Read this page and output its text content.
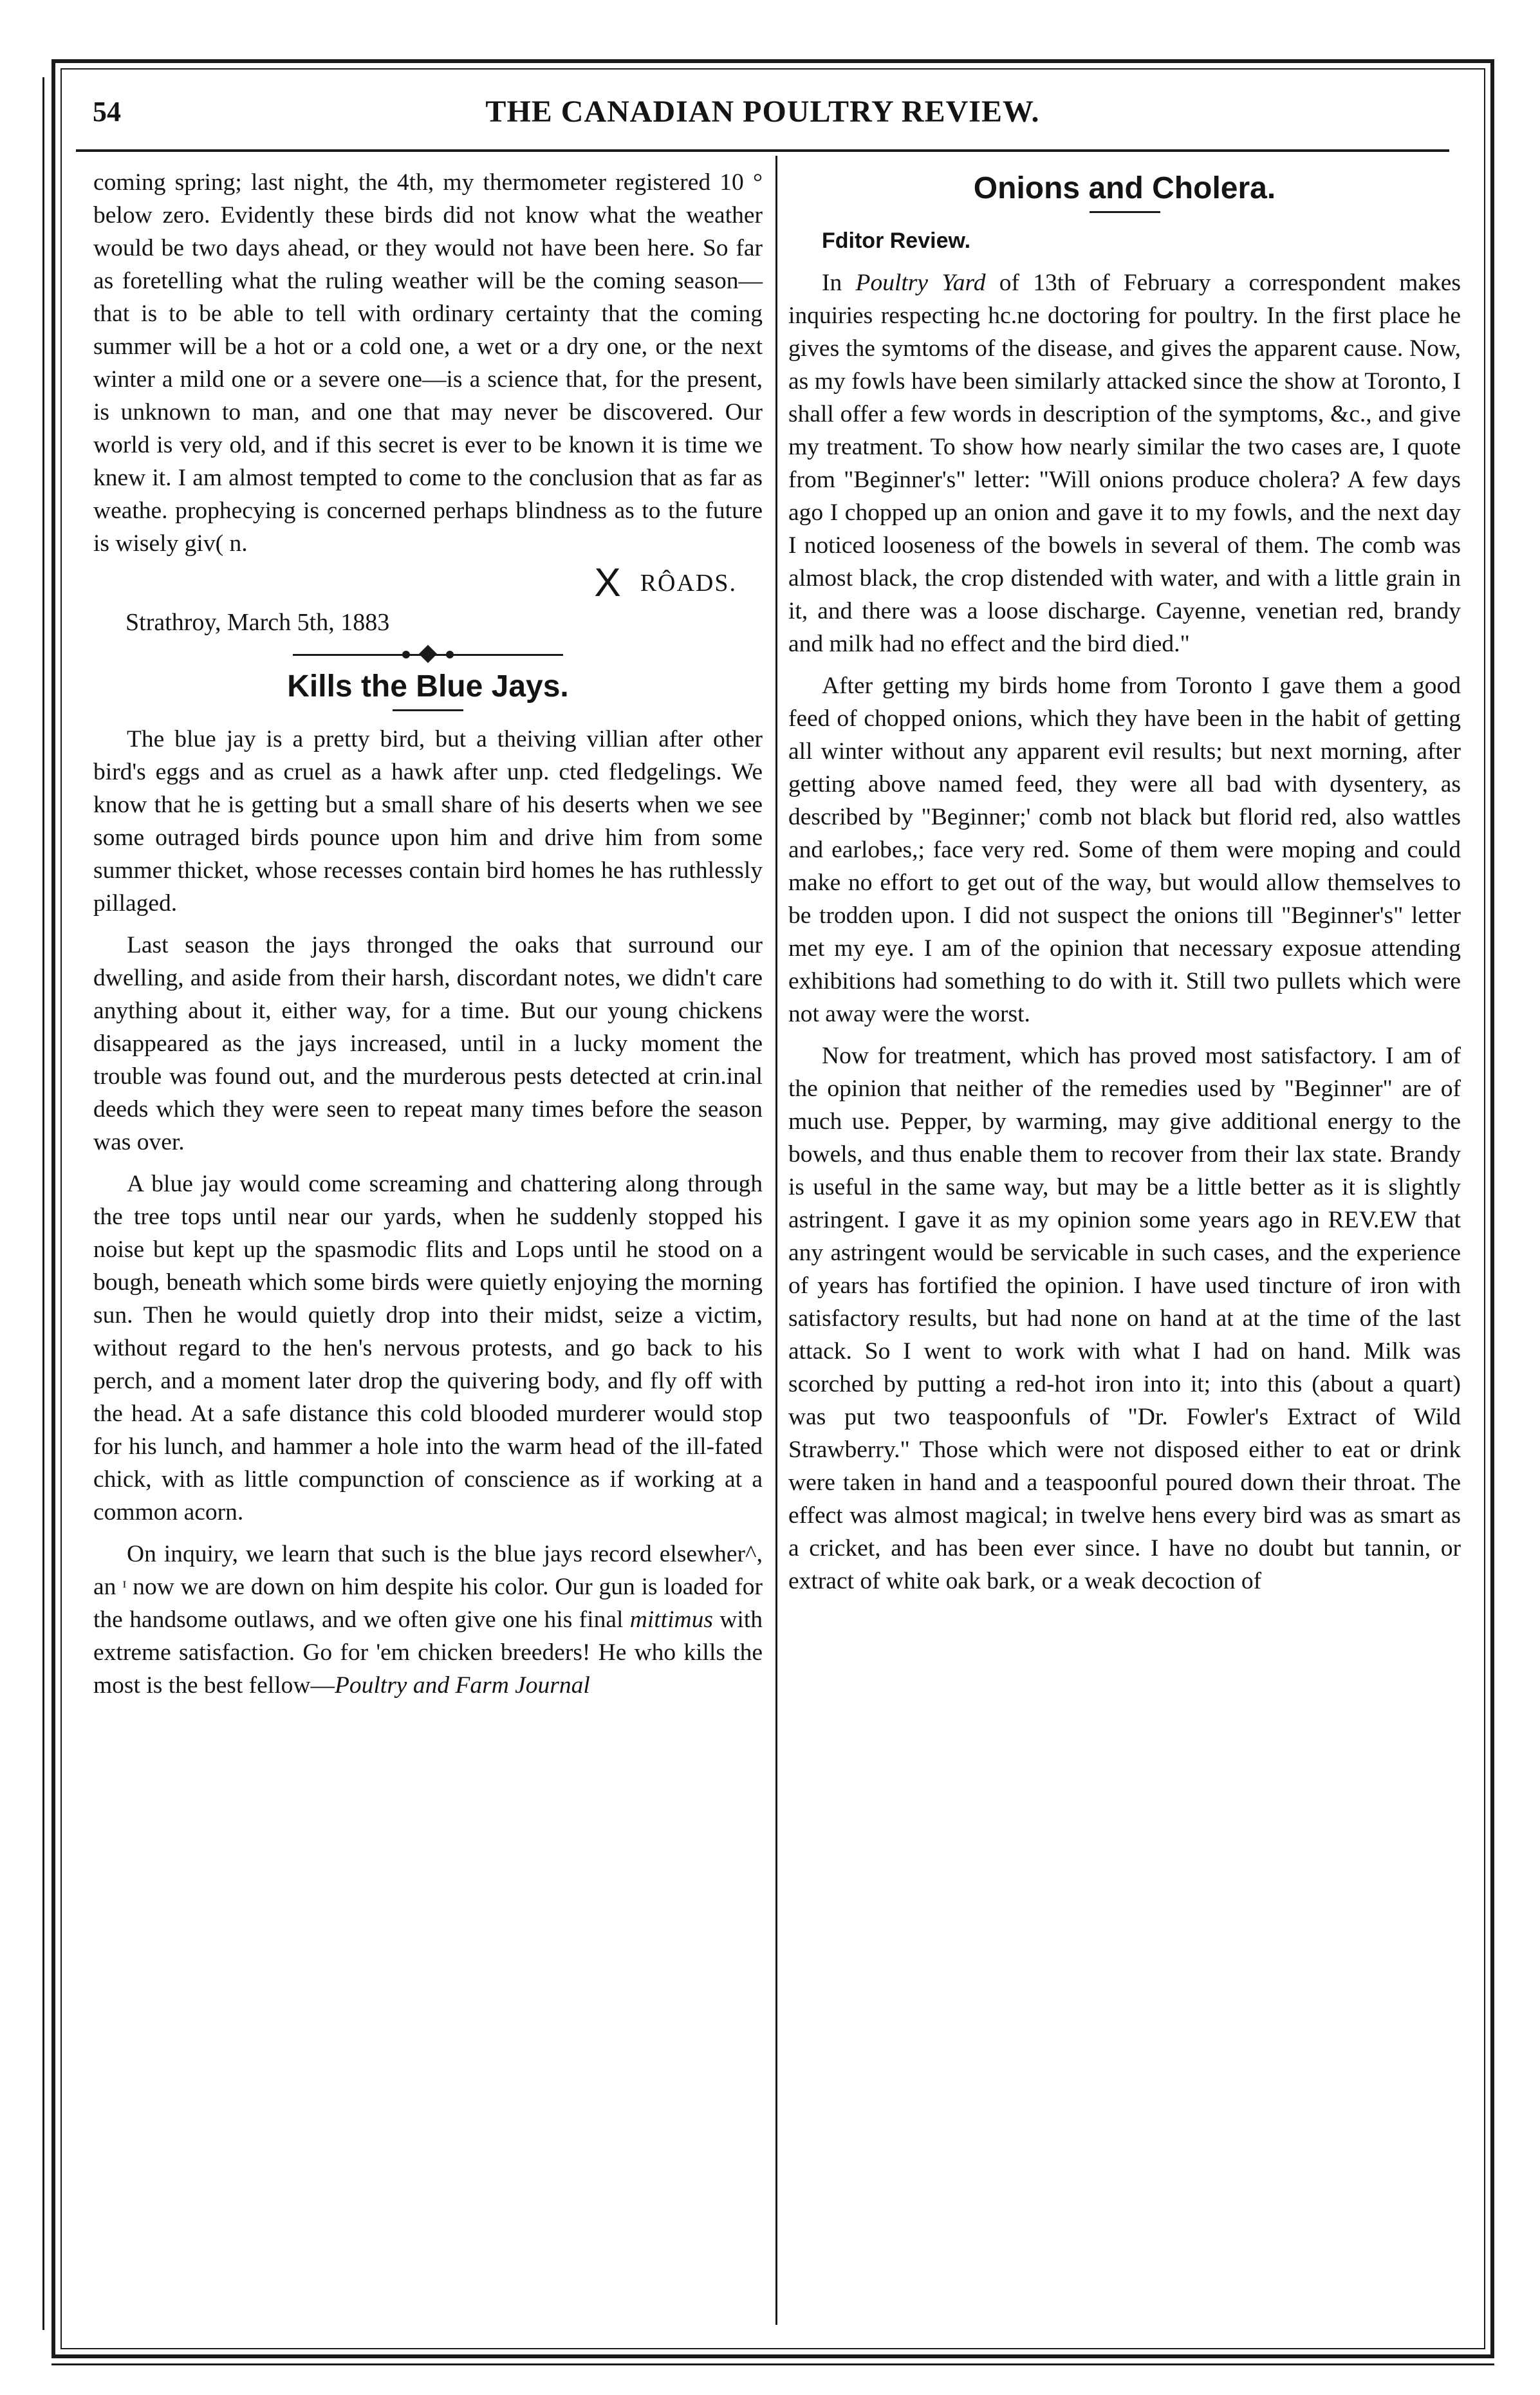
54	THE CANADIAN POULTRY REVIEW.

coming spring; last night, the 4th, my thermometer registered 10 ° below zero. Evidently these birds did not know what the weather would be two days ahead, or they would not have been here. So far as foretelling what the ruling weather will be the coming season—that is to be able to tell with ordinary certainty that the coming summer will be a hot or a cold one, a wet or a dry one, or the next winter a mild one or a severe one—is a science that, for the present, is unknown to man, and one that may never be discovered. Our world is very old, and if this secret is ever to be known it is time we knew it. I am almost tempted to come to the conclusion that as far as weathe. prophecying is concerned perhaps blindness as to the future is wisely giv( n.

XRÔADS.
Strathroy, March 5th, 1883
Kills the Blue Jays.

The blue jay is a pretty bird, but a theiving villian after other bird's eggs and as cruel as a hawk after unp. cted fledgelings. We know that he is getting but a small share of his deserts when we see some outraged birds pounce upon him and drive him from some summer thicket, whose recesses contain bird homes he has ruthlessly pillaged.

Last season the jays thronged the oaks that surround our dwelling, and aside from their harsh, discordant notes, we didn't care anything about it, either way, for a time. But our young chickens disappeared as the jays increased, until in a lucky moment the trouble was found out, and the murderous pests detected at crin.inal deeds which they were seen to repeat many times before the season was over.

A blue jay would come screaming and chattering along through the tree tops until near our yards, when he suddenly stopped his noise but kept up the spasmodic flits and Lops until he stood on a bough, beneath which some birds were quietly enjoying the morning sun. Then he would quietly drop into their midst, seize a victim, without regard to the hen's nervous protests, and go back to his perch, and a moment later drop the quivering body, and fly off with the head. At a safe distance this cold blooded murderer would stop for his lunch, and hammer a hole into the warm head of the ill-fated chick, with as little compunction of conscience as if working at a common acorn.

On inquiry, we learn that such is the blue jays record elsewher^, an ᶦ now we are down on him despite his color. Our gun is loaded for the handsome outlaws, and we often give one his final mittimus with extreme satisfaction. Go for 'em chicken breeders! He who kills the most is the best fellow—Poultry and Farm Journal

Onions and Cholera.

Fditor Review.

In Poultry Yard of 13th of February a correspondent makes inquiries respecting hc.ne doctoring for poultry. In the first place he gives the symtoms of the disease, and gives the apparent cause. Now, as my fowls have been similarly attacked since the show at Toronto, I shall offer a few words in description of the symptoms, &c., and give my treatment. To show how nearly similar the two cases are, I quote from "Beginner's" letter: "Will onions produce cholera? A few days ago I chopped up an onion and gave it to my fowls, and the next day I noticed looseness of the bowels in several of them. The comb was almost black, the crop distended with water, and with a little grain in it, and there was a loose discharge. Cayenne, venetian red, brandy and milk had no effect and the bird died."

After getting my birds home from Toronto I gave them a good feed of chopped onions, which they have been in the habit of getting all winter without any apparent evil results; but next morning, after getting above named feed, they were all bad with dysentery, as described by "Beginner;' comb not black but florid red, also wattles and earlobes,; face very red. Some of them were moping and could make no effort to get out of the way, but would allow themselves to be trodden upon. I did not suspect the onions till "Beginner's" letter met my eye. I am of the opinion that necessary exposue attending exhibitions had something to do with it. Still two pullets which were not away were the worst.

Now for treatment, which has proved most satisfactory. I am of the opinion that neither of the remedies used by "Beginner" are of much use. Pepper, by warming, may give additional energy to the bowels, and thus enable them to recover from their lax state. Brandy is useful in the same way, but may be a little better as it is slightly astringent. I gave it as my opinion some years ago in REV.EW that any astringent would be servicable in such cases, and the experience of years has fortified the opinion. I have used tincture of iron with satisfactory results, but had none on hand at at the time of the last attack. So I went to work with what I had on hand. Milk was scorched by putting a red-hot iron into it; into this (about a quart) was put two teaspoonfuls of "Dr. Fowler's Extract of Wild Strawberry." Those which were not disposed either to eat or drink were taken in hand and a teaspoonful poured down their throat. The effect was almost magical; in twelve hens every bird was as smart as a cricket, and has been ever since. I have no doubt but tannin, or extract of white oak bark, or a weak decoction of
